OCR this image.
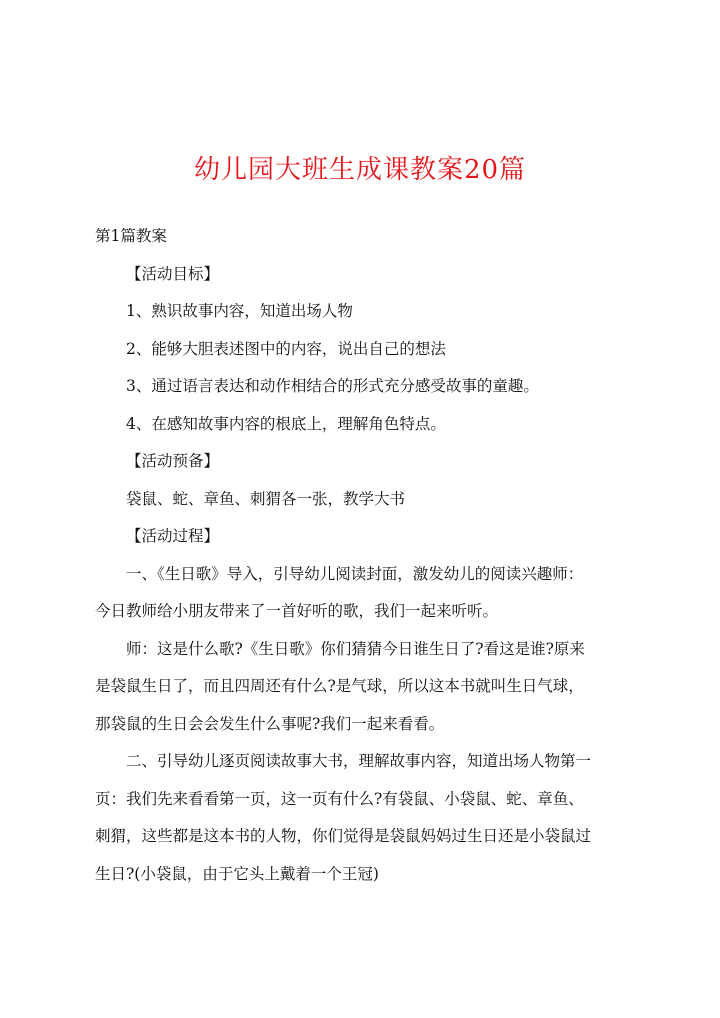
幼儿园大班生成课教案20篇
第1篇教案
【活动目标】
1、熟识故事内容，知道出场人物
2、能够大胆表述图中的内容，说出自己的想法
3、通过语言表达和动作相结合的形式充分感受故事的童趣。
4、在感知故事内容的根底上，理解角色特点。
【活动预备】
袋鼠、蛇、章鱼、刺猬各一张，教学大书
【活动过程】
一、《生日歌》导入，引导幼儿阅读封面，激发幼儿的阅读兴趣师：
今日教师给小朋友带来了一首好听的歌，我们一起来听听。
师：这是什么歌?《生日歌》你们猜猜今日谁生日了?看这是谁?原来
是袋鼠生日了，而且四周还有什么?是气球，所以这本书就叫生日气球，
那袋鼠的生日会会发生什么事呢?我们一起来看看。
二、引导幼儿逐页阅读故事大书，理解故事内容，知道出场人物第一
页：我们先来看看第一页，这一页有什么?有袋鼠、小袋鼠、蛇、章鱼、
刺猬，这些都是这本书的人物，你们觉得是袋鼠妈妈过生日还是小袋鼠过
生日?(小袋鼠，由于它头上戴着一个王冠)
